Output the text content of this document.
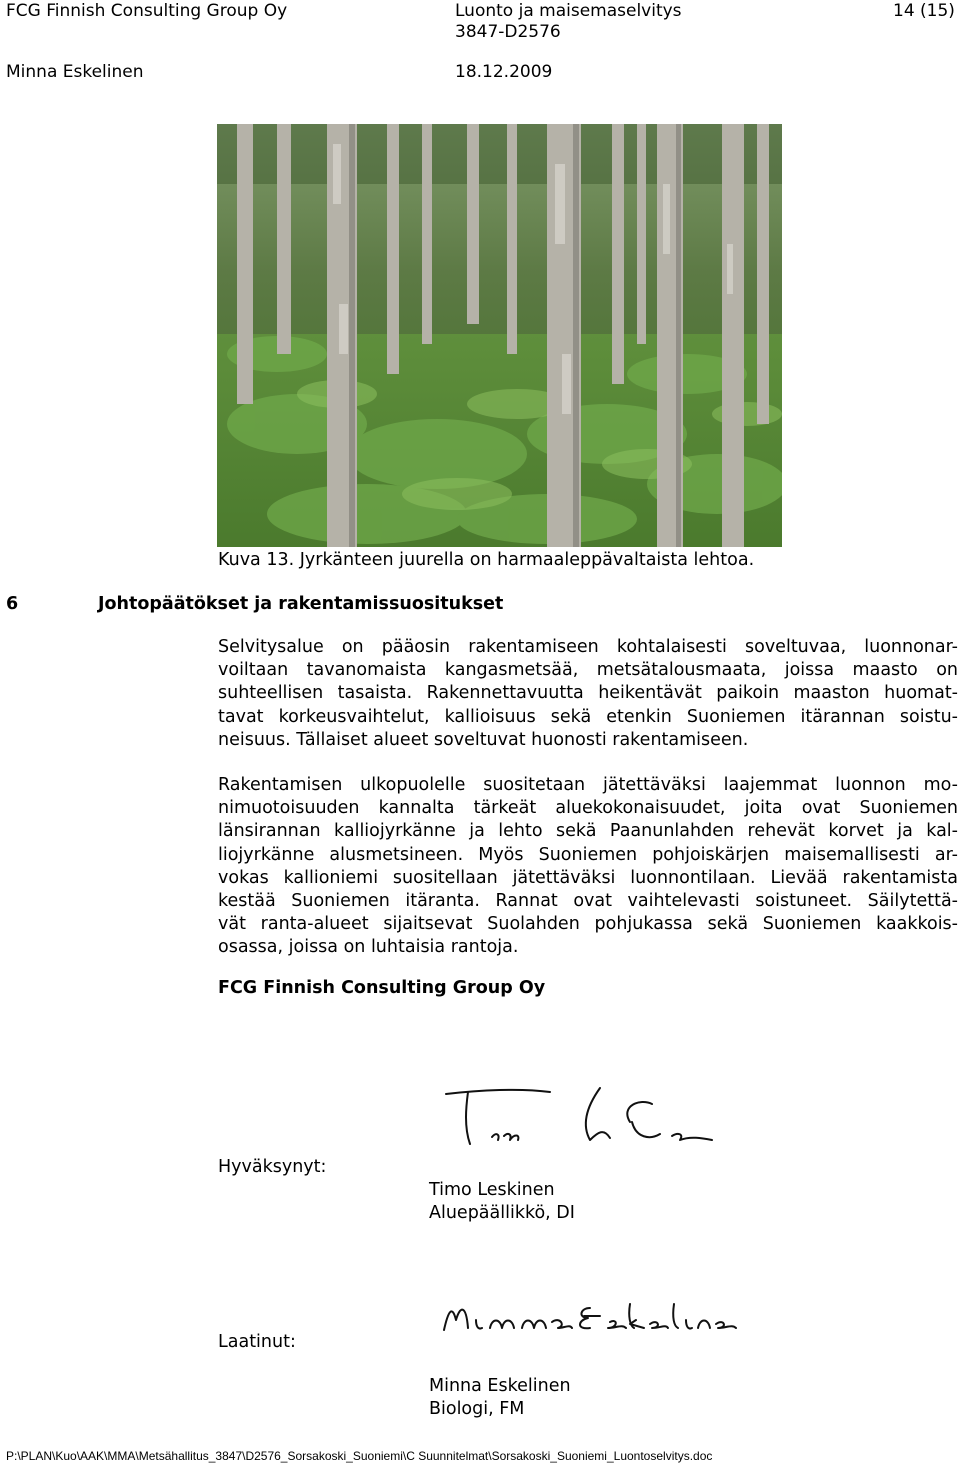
FCG Finnish Consulting Group Oy	Luonto ja maisemaselvitys
3847-D2576
14 (15)
Minna Eskelinen	18.12.2009
Kuva 13. Jyrkänteen juurella on harmaaleppävaltaista lehtoa.
6	Johtopäätökset ja rakentamissuositukset
Selvitysalue on pääosin rakentamiseen kohtalaisesti soveltuvaa, luonnonar-
voiltaan tavanomaista kangasmetsää, metsätalousmaata, joissa maasto on
suhteellisen tasaista. Rakennettavuutta heikentävät paikoin maaston huomat-
tavat korkeusvaihtelut, kallioisuus sekä etenkin Suoniemen itärannan soistu-
neisuus. Tällaiset alueet soveltuvat huonosti rakentamiseen.
Rakentamisen ulkopuolelle suositetaan jätettäväksi laajemmat luonnon mo-
nimuotoisuuden kannalta tärkeät aluekokonaisuudet, joita ovat Suoniemen
länsirannan kalliojyrkänne ja lehto sekä Paanunlahden rehevät korvet ja kal-
liojyrkänne alusmetsineen. Myös Suoniemen pohjoiskärjen maisemallisesti ar-
vokas kallioniemi suositellaan jätettäväksi luonnontilaan. Lievää rakentamista
kestää Suoniemen itäranta. Rannat ovat vaihtelevasti soistuneet. Säilytettä-
vät ranta-alueet sijaitsevat Suolahden pohjukassa sekä Suoniemen kaakkois-
osassa, joissa on luhtaisia rantoja.
FCG Finnish Consulting Group Oy
Hyväksynyt:
Timo Leskinen
Aluepäällikkö, DI
Laatinut:
Minna Eskelinen
Biologi, FM
P:\PLAN\Kuo\AAK\MMA\Metsähallitus_3847\D2576_Sorsakoski_Suoniemi\C Suunnitelmat\Sorsakoski_Suoniemi_Luontoselvitys.doc
